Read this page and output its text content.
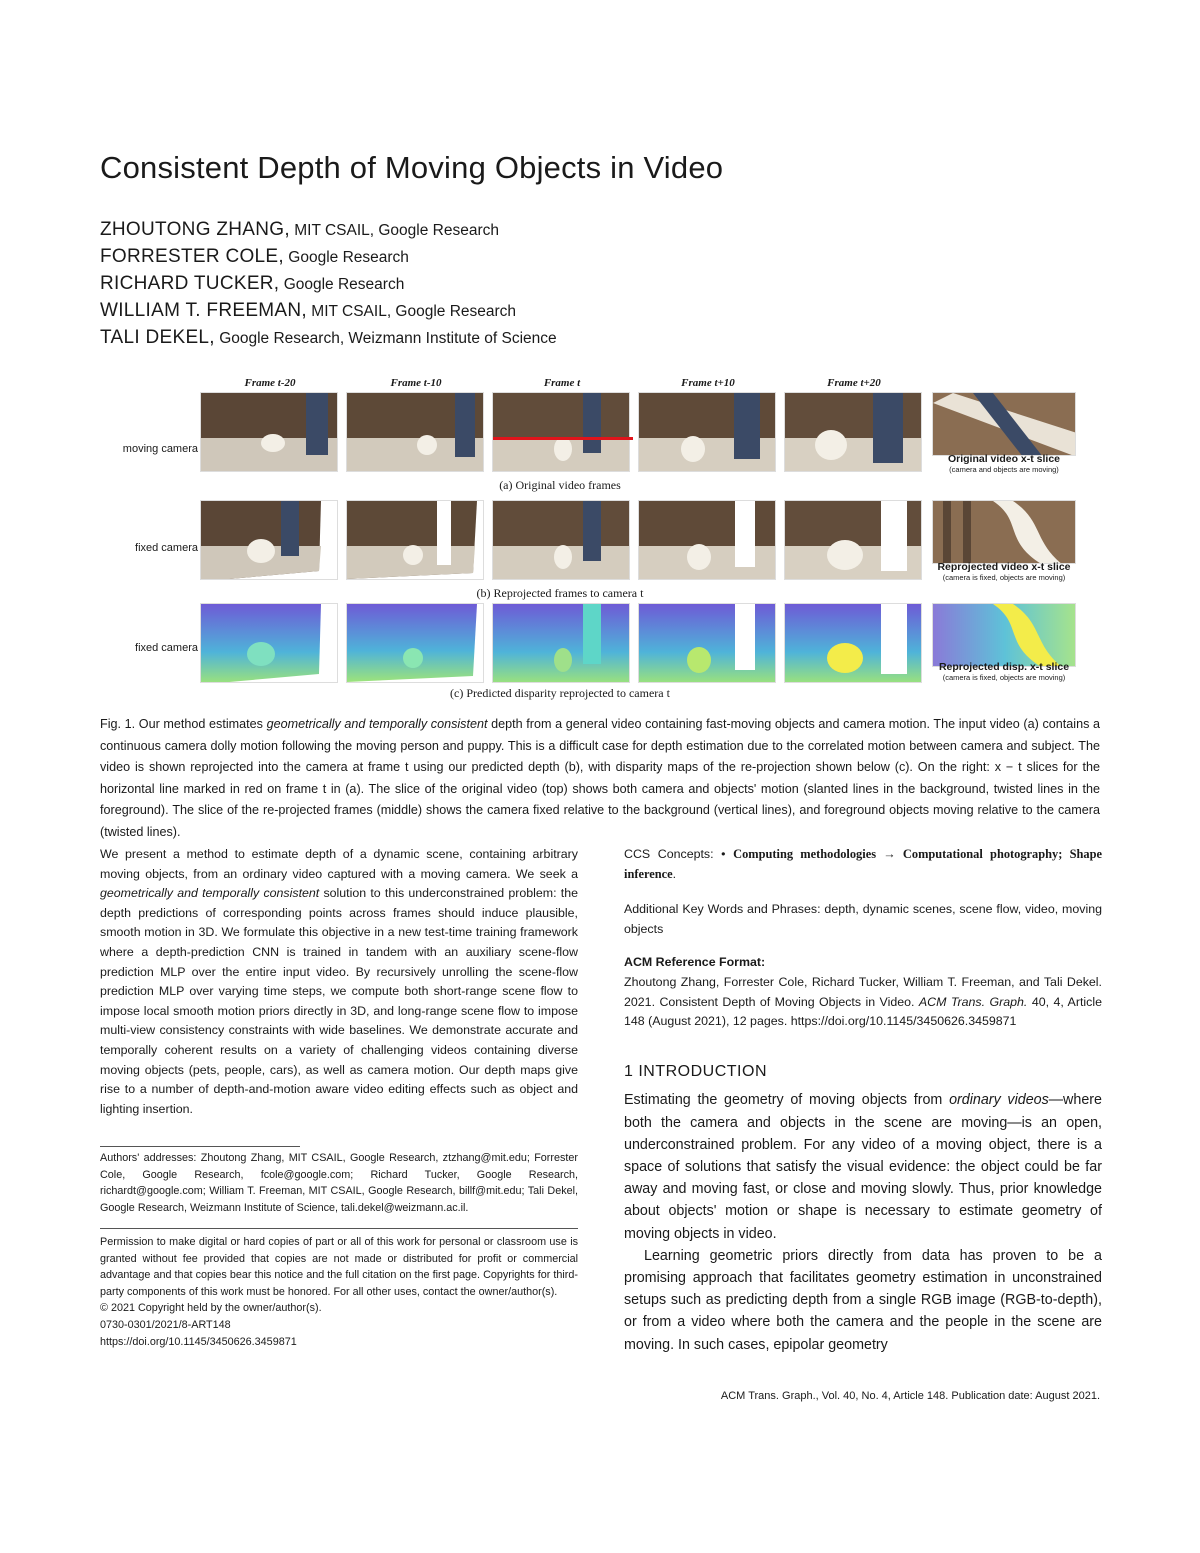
Consistent Depth of Moving Objects in Video
ZHOUTONG ZHANG, MIT CSAIL, Google Research
FORRESTER COLE, Google Research
RICHARD TUCKER, Google Research
WILLIAM T. FREEMAN, MIT CSAIL, Google Research
TALI DEKEL, Google Research, Weizmann Institute of Science
Frame t-20	Frame t-10	Frame t	Frame t+10	Frame t+20
moving camera
fixed camera
fixed camera
(a) Original video frames
Original video x-t slice
(camera and objects are moving)
(b) Reprojected frames to camera t
Reprojected video x-t slice
(camera is fixed, objects are moving)
(c) Predicted disparity reprojected to camera t
Reprojected disp. x-t slice
(camera is fixed, objects are moving)
Fig. 1. Our method estimates geometrically and temporally consistent depth from a general video containing fast-moving objects and camera motion. The input video (a) contains a continuous camera dolly motion following the moving person and puppy. This is a difficult case for depth estimation due to the correlated motion between camera and subject. The video is shown reprojected into the camera at frame t using our predicted depth (b), with disparity maps of the re-projection shown below (c). On the right: x − t slices for the horizontal line marked in red on frame t in (a). The slice of the original video (top) shows both camera and objects' motion (slanted lines in the background, twisted lines in the foreground). The slice of the re-projected frames (middle) shows the camera fixed relative to the background (vertical lines), and foreground objects moving relative to the camera (twisted lines).
We present a method to estimate depth of a dynamic scene, containing arbitrary moving objects, from an ordinary video captured with a moving camera. We seek a geometrically and temporally consistent solution to this underconstrained problem: the depth predictions of corresponding points across frames should induce plausible, smooth motion in 3D. We formulate this objective in a new test-time training framework where a depth-prediction CNN is trained in tandem with an auxiliary scene-flow prediction MLP over the entire input video. By recursively unrolling the scene-flow prediction MLP over varying time steps, we compute both short-range scene flow to impose local smooth motion priors directly in 3D, and long-range scene flow to impose multi-view consistency constraints with wide baselines. We demonstrate accurate and temporally coherent results on a variety of challenging videos containing diverse moving objects (pets, people, cars), as well as camera motion. Our depth maps give rise to a number of depth-and-motion aware video editing effects such as object and lighting insertion.
Authors' addresses: Zhoutong Zhang, MIT CSAIL, Google Research, ztzhang@mit.edu; Forrester Cole, Google Research, fcole@google.com; Richard Tucker, Google Research, richardt@google.com; William T. Freeman, MIT CSAIL, Google Research, billf@mit.edu; Tali Dekel, Google Research, Weizmann Institute of Science, tali.dekel@weizmann.ac.il.

Permission to make digital or hard copies of part or all of this work for personal or classroom use is granted without fee provided that copies are not made or distributed for profit or commercial advantage and that copies bear this notice and the full citation on the first page. Copyrights for third-party components of this work must be honored. For all other uses, contact the owner/author(s).

© 2021 Copyright held by the owner/author(s).

0730-0301/2021/8-ART148

https://doi.org/10.1145/3450626.3459871

CCS Concepts: • Computing methodologies → Computational photography; Shape inference.

Additional Key Words and Phrases: depth, dynamic scenes, scene flow, video, moving objects

ACM Reference Format:

Zhoutong Zhang, Forrester Cole, Richard Tucker, William T. Freeman, and Tali Dekel. 2021. Consistent Depth of Moving Objects in Video. ACM Trans. Graph. 40, 4, Article 148 (August 2021), 12 pages. https://doi.org/10.1145/3450626.3459871

1 INTRODUCTION

Estimating the geometry of moving objects from ordinary videos—where both the camera and objects in the scene are moving—is an open, underconstrained problem. For any video of a moving object, there is a space of solutions that satisfy the visual evidence: the object could be far away and moving fast, or close and moving slowly. Thus, prior knowledge about objects' motion or shape is necessary to estimate geometry of moving objects in video.

Learning geometric priors directly from data has proven to be a promising approach that facilitates geometry estimation in unconstrained setups such as predicting depth from a single RGB image (RGB-to-depth), or from a video where both the camera and the people in the scene are moving. In such cases, epipolar geometry

ACM Trans. Graph., Vol. 40, No. 4, Article 148. Publication date: August 2021.
